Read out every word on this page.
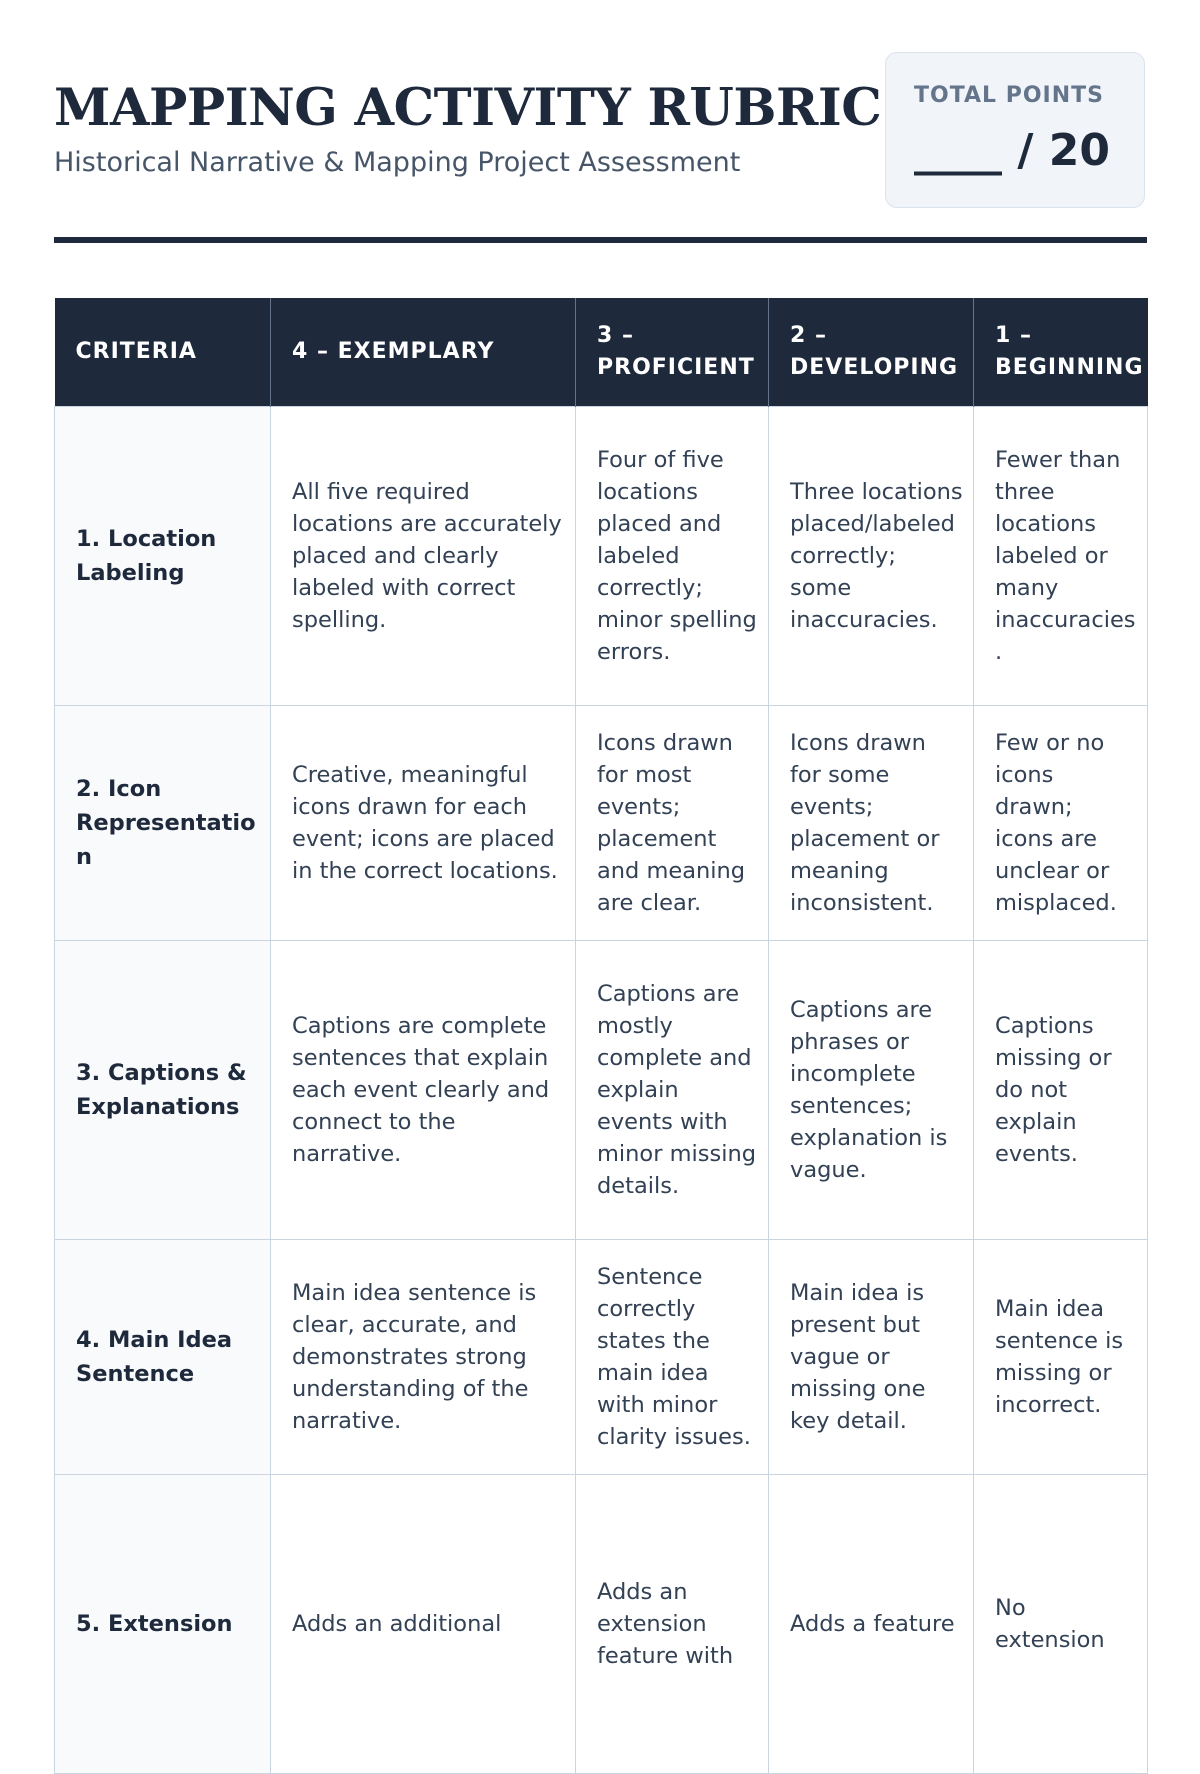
MAPPING ACTIVITY RUBRIC

Historical Narrative & Mapping Project Assessment

TOTAL POINTS
____ / 20
CRITERIA	4 – EXEMPLARY	3 – PROFICIENT	2 – DEVELOPING	1 – BEGINNING
1. Location Labeling	All five required locations are accurately placed and clearly labeled with correct spelling.	Four of five locations placed and labeled correctly; minor spelling errors.	Three locations placed/labeled correctly; some inaccuracies.	Fewer than three locations labeled or many inaccuracies.
2. Icon Representation	Creative, meaningful icons drawn for each event; icons are placed in the correct locations.	Icons drawn for most events; placement and meaning are clear.	Icons drawn for some events; placement or meaning inconsistent.	Few or no icons drawn; icons are unclear or misplaced.
3. Captions & Explanations	Captions are complete sentences that explain each event clearly and connect to the narrative.	Captions are mostly complete and explain events with minor missing details.	Captions are phrases or incomplete sentences; explanation is vague.	Captions missing or do not explain events.
4. Main Idea Sentence	Main idea sentence is clear, accurate, and demonstrates strong understanding of the narrative.	Sentence correctly states the main idea with minor clarity issues.	Main idea is present but vague or missing one key detail.	Main idea sentence is missing or incorrect.
5. Extension	Adds an additional	Adds an extension feature with	Adds a feature	No extension
